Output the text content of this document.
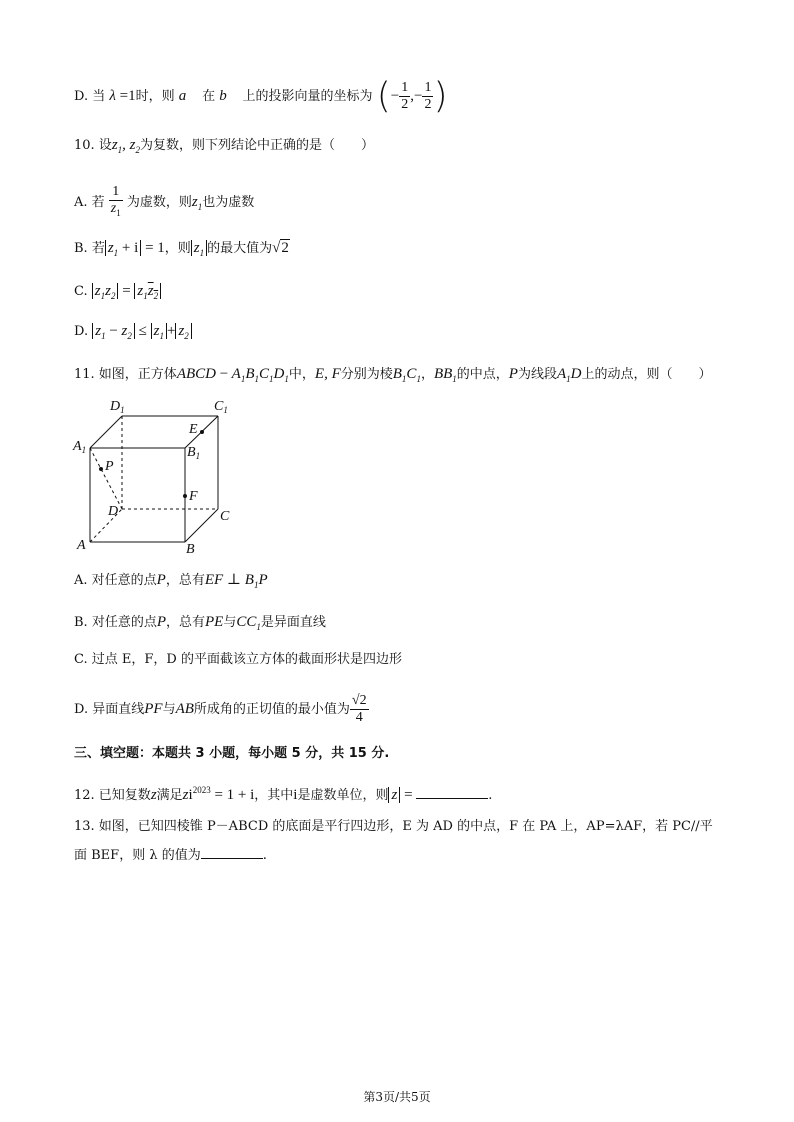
D. 当 λ =1时，则 a⃗ 在 b⃗ 上的投影向量的坐标为 (− $\frac{1}{2}$ ,− $\frac{1}{2}$ )
10. 设$z_1$, $z_2$为复数，则下列结论中正确的是（　　）
A. 若 $\frac{1}{z_1}$ 为虚数，则$z_1$也为虚数
B. 若 $z_1 + i = 1$，则 $z_1$ 的最大值为√2
C. $z_1z_2 = z_1z_2$
D. $z_1 - z_2 \le z_1 + z_2$
11. 如图，正方体ABCD − $A_1B_1C_1D_1$中，E, F分别为棱$B_1C_1$，$BB_1$的中点，P为线段$A_1D$上的动点，则（　　）
$D_1$	$C_1$
$A_1$	$B_1$
E
P
F
D	C
A	B
A. 对任意的点P，总有EF ⊥ $B_1P$
B. 对任意的点P，总有PE与$CC_1$是异面直线
C. 过点 E，F，D 的平面截该立方体的截面形状是四边形
D. 异面直线PF与AB所成角的正切值的最小值为 $\frac{√2}{4}$
三、填空题：本题共 3 小题，每小题 5 分，共 15 分.
12. 已知复数z满足$zi^{2023} = 1 + i$，其中i是虚数单位，则 z =	.
13. 如图，已知四棱锥 P－ABCD 的底面是平行四边形，E 为 AD 的中点，F 在 PA 上，AP=λAF，若 PC//平
面 BEF，则 λ 的值为	.
第3页/共5页
